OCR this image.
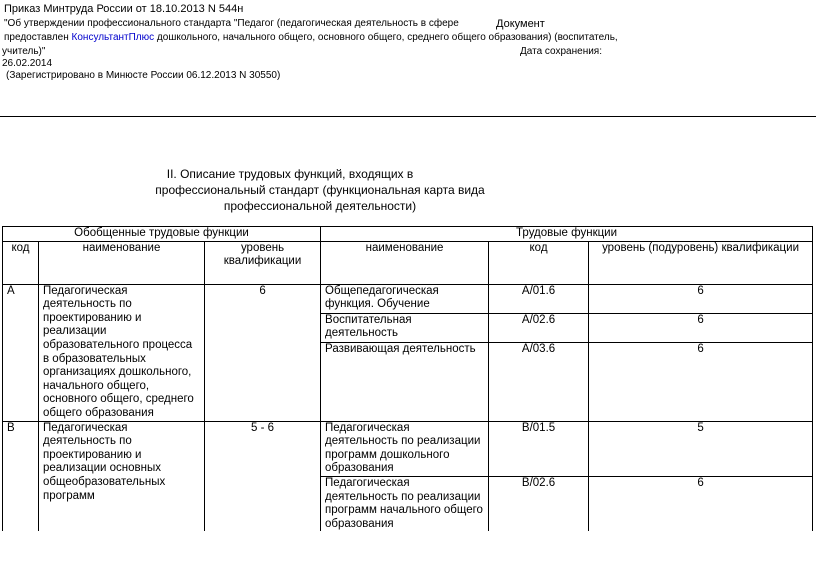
Приказ Минтруда России от 18.10.2013 N 544н
"Об утверждении профессионального стандарта "Педагог (педагогическая деятельность в сфере	Документ
предоставлен КонсультантПлюс дошкольного, начального общего, основного общего, среднего общего образования) (воспитатель,
учитель)"	Дата сохранения:
26.02.2014
(Зарегистрировано в Минюсте России 06.12.2013 N 30550)
II. Описание трудовых функций, входящих в
профессиональный стандарт (функциональная карта вида
профессиональной деятельности)
Обобщенные трудовые функции			Трудовые функции		
код	наименование	уровень квалификации	наименование	код	уровень (подуровень) квалификации
A	Педагогическая деятельность по проектированию и реализации образовательного процесса в образовательных организациях дошкольного, начального общего, основного общего, среднего общего образования	6	Общепедагогическая функция. Обучение	A/01.6	6
			Воспитательная деятельность	A/02.6	6
			Развивающая деятельность	A/03.6	6
B	Педагогическая деятельность по проектированию и реализации основных общеобразовательных программ	5 - 6	Педагогическая деятельность по реализации программ дошкольного образования	B/01.5	5
			Педагогическая деятельность по реализации программ начального общего образования	B/02.6	6
